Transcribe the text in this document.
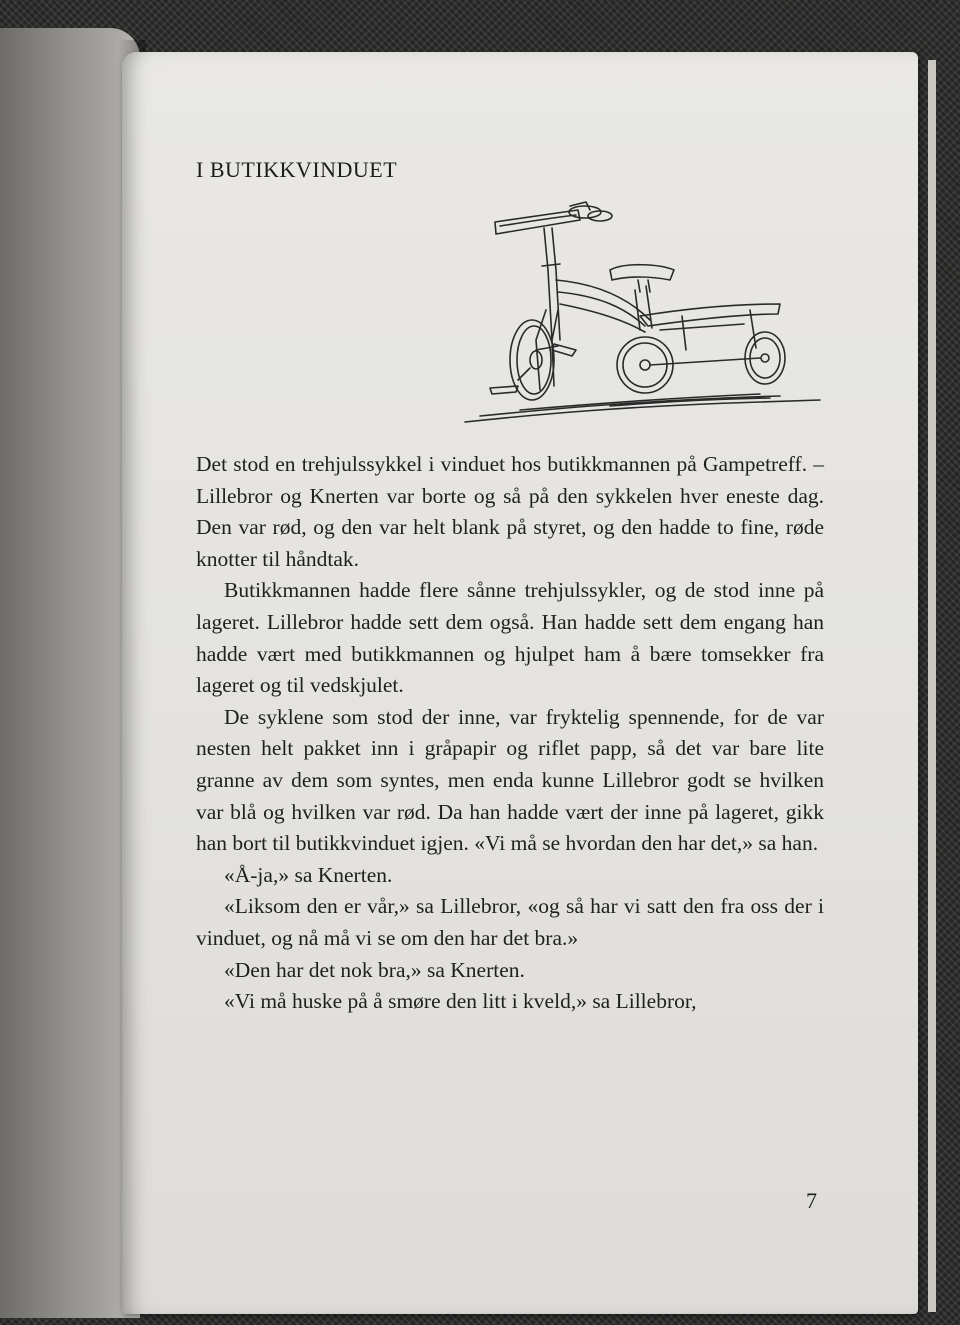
I BUTIKKVINDUET

Det stod en trehjulssykkel i vinduet hos butikkmannen på Gampetreff. – Lillebror og Knerten var borte og så på den sykkelen hver eneste dag. Den var rød, og den var helt blank på styret, og den hadde to fine, røde knotter til håndtak.

Butikkmannen hadde flere sånne trehjulssykler, og de stod inne på lageret. Lillebror hadde sett dem også. Han hadde sett dem engang han hadde vært med butikkmannen og hjulpet ham å bære tomsekker fra lageret og til vedskjulet.

De syklene som stod der inne, var fryktelig spennende, for de var nesten helt pakket inn i gråpapir og riflet papp, så det var bare lite granne av dem som syntes, men enda kunne Lillebror godt se hvilken var blå og hvilken var rød. Da han hadde vært der inne på lageret, gikk han bort til butikkvinduet igjen. «Vi må se hvordan den har det,» sa han.

«Å-ja,» sa Knerten.

«Liksom den er vår,» sa Lillebror, «og så har vi satt den fra oss der i vinduet, og nå må vi se om den har det bra.»

«Den har det nok bra,» sa Knerten.

«Vi må huske på å smøre den litt i kveld,» sa Lillebror,

7
